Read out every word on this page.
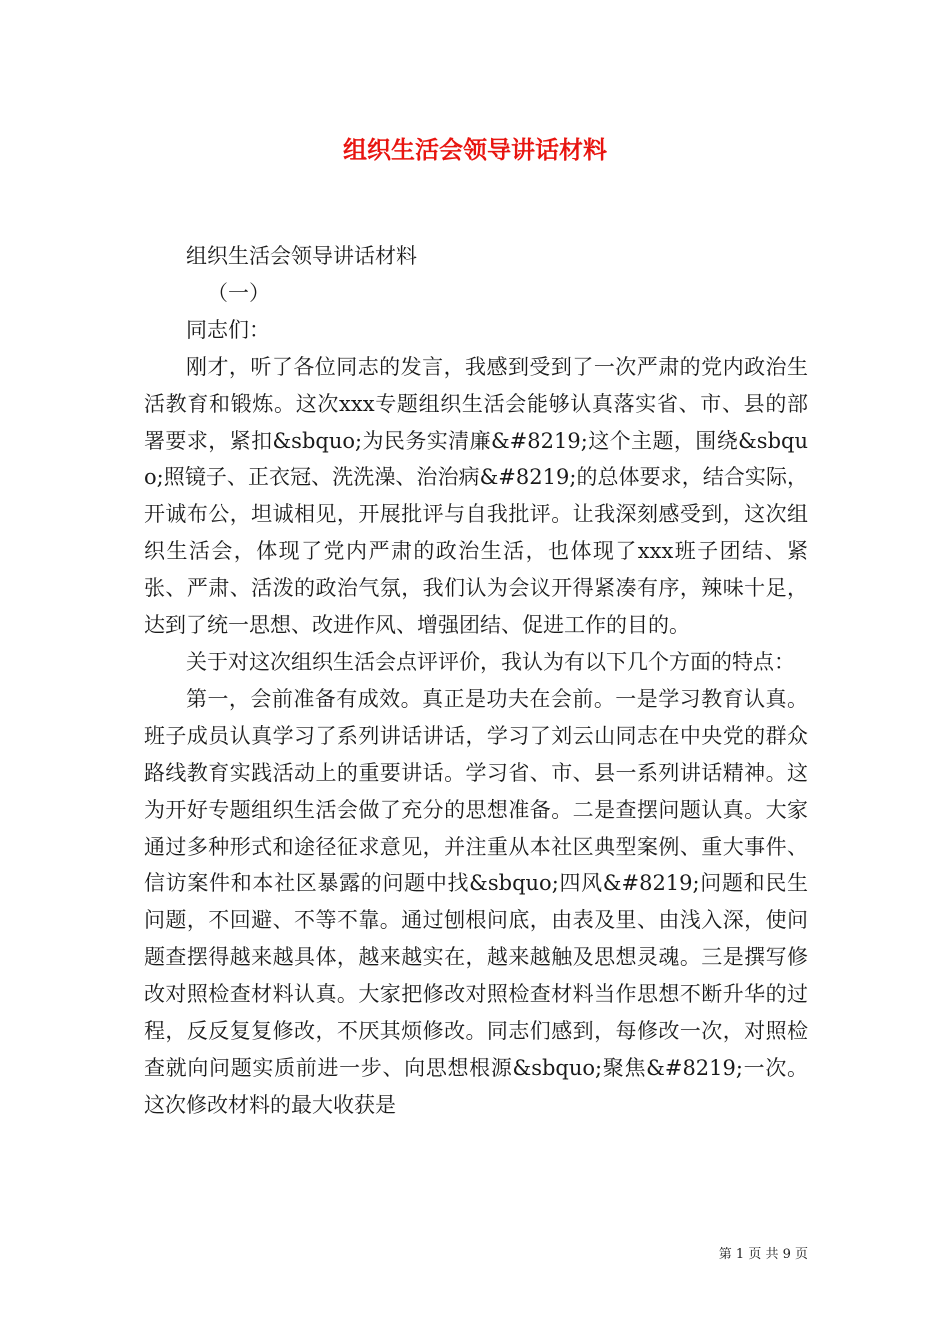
组织生活会领导讲话材料

组织生活会领导讲话材料

（一）

同志们：

刚才，听了各位同志的发言，我感到受到了一次严肃的党内政治生活教育和锻炼。这次xxx专题组织生活会能够认真落实省、市、县的部署要求，紧扣&sbquo;为民务实清廉&#8219;这个主题，围绕&sbquo;照镜子、正衣冠、洗洗澡、治治病&#8219;的总体要求，结合实际，开诚布公，坦诚相见，开展批评与自我批评。让我深刻感受到，这次组织生活会，体现了党内严肃的政治生活，也体现了xxx班子团结、紧张、严肃、活泼的政治气氛，我们认为会议开得紧凑有序，辣味十足，达到了统一思想、改进作风、增强团结、促进工作的目的。

关于对这次组织生活会点评评价，我认为有以下几个方面的特点：

第一，会前准备有成效。真正是功夫在会前。一是学习教育认真。班子成员认真学习了系列讲话讲话，学习了刘云山同志在中央党的群众路线教育实践活动上的重要讲话。学习省、市、县一系列讲话精神。这为开好专题组织生活会做了充分的思想准备。二是查摆问题认真。大家通过多种形式和途径征求意见，并注重从本社区典型案例、重大事件、信访案件和本社区暴露的问题中找&sbquo;四风&#8219;问题和民生问题，不回避、不等不靠。通过刨根问底，由表及里、由浅入深，使问题查摆得越来越具体，越来越实在，越来越触及思想灵魂。三是撰写修改对照检查材料认真。大家把修改对照检查材料当作思想不断升华的过程，反反复复修改，不厌其烦修改。同志们感到，每修改一次，对照检查就向问题实质前进一步、向思想根源&sbquo;聚焦&#8219;一次。这次修改材料的最大收获是

第 1 页 共 9 页
